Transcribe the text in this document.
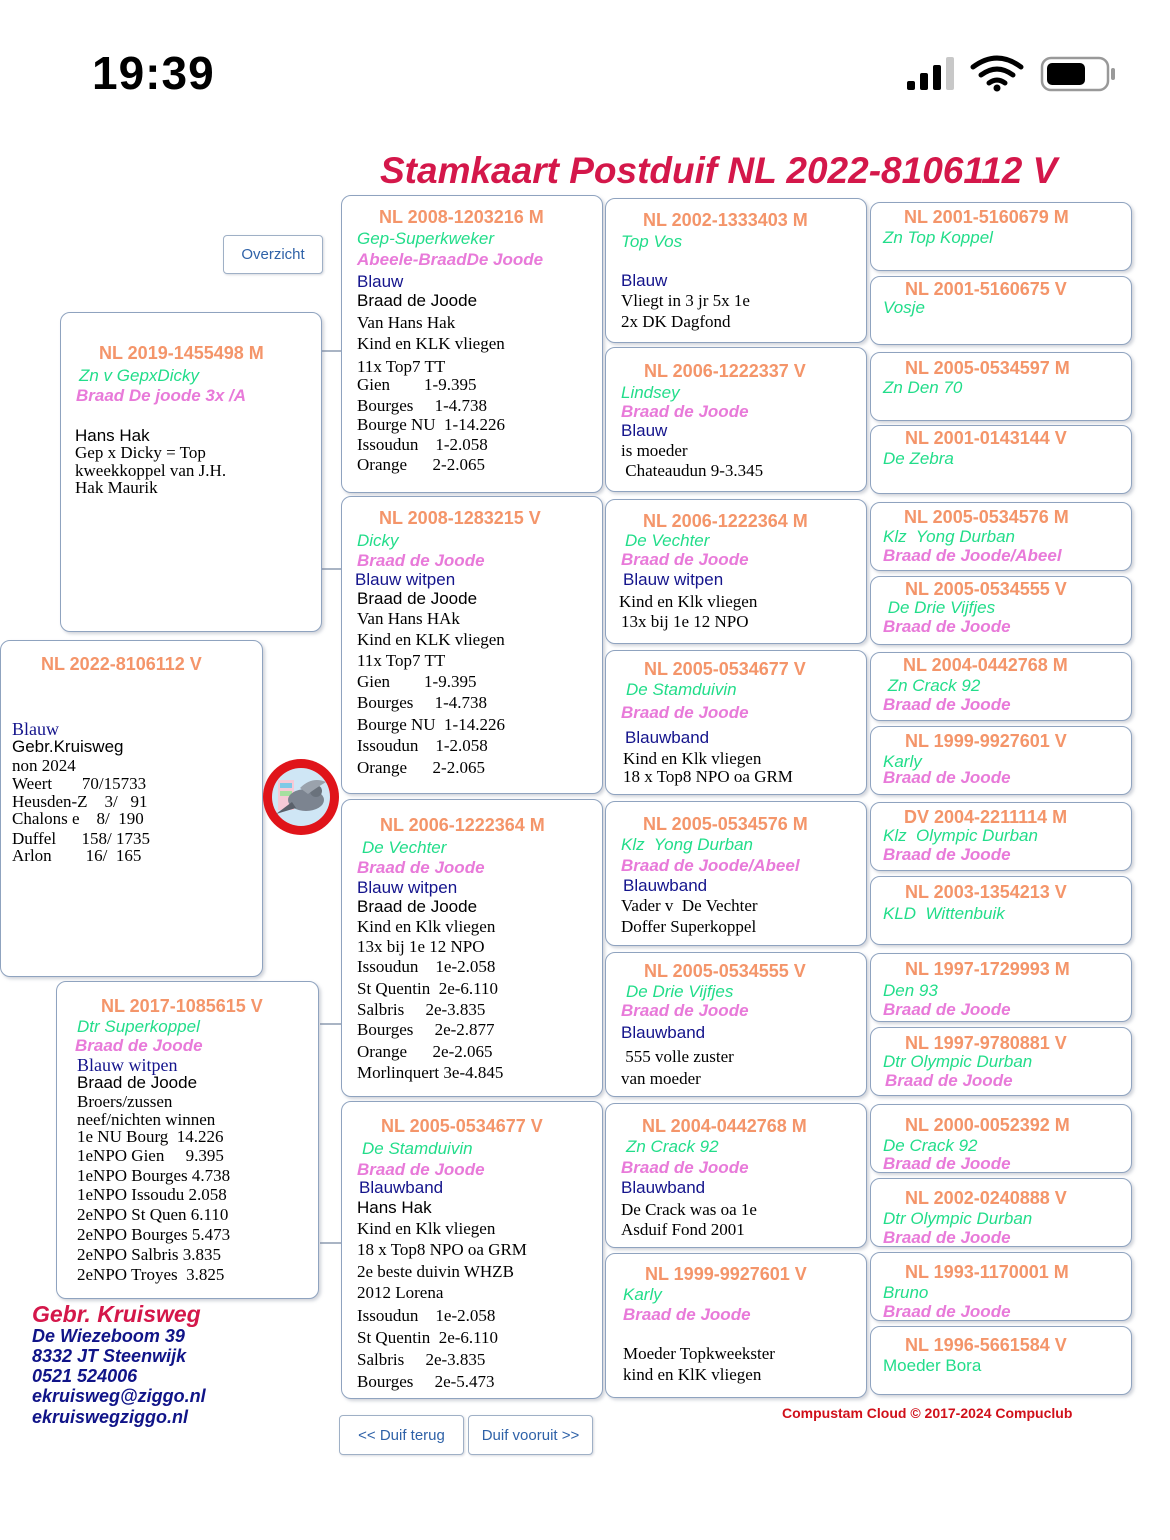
19:39
Stamkaart Postduif NL 2022-8106112 V
Overzicht
NL 2022-8106112 V
Blauw
Gebr.Kruisweg
non 2024
Weert       70/15733
Heusden-Z    3/   91
Chalons e    8/  190
Duffel      158/ 1735
Arlon        16/  165
NL 2019-1455498 M
Zn v GepxDicky
Braad De joode 3x /A
Hans Hak
Gep x Dicky = Top
kweekkoppel van J.H.
Hak Maurik
NL 2017-1085615 V
Dtr Superkoppel
Braad de Joode
Blauw witpen
Braad de Joode
Broers/zussen
neef/nichten winnen
1e NU Bourg  14.226
1eNPO Gien     9.395
1eNPO Bourges 4.738
1eNPO Issoudu 2.058
2eNPO St Quen 6.110
2eNPO Bourges 5.473
2eNPO Salbris 3.835
2eNPO Troyes  3.825
NL 2008-1203216 M
Gep-Superkweker
Abeele-BraadDe Joode
Blauw
Braad de Joode
Van Hans Hak
Kind en KLK vliegen
11x Top7 TT
Gien        1-9.395
Bourges     1-4.738
Bourge NU  1-14.226
Issoudun    1-2.058
Orange      2-2.065
NL 2008-1283215 V
Dicky
Braad de Joode
Blauw witpen
Braad de Joode
Van Hans HAk
Kind en KLK vliegen
11x Top7 TT
Gien        1-9.395
Bourges     1-4.738
Bourge NU  1-14.226
Issoudun    1-2.058
Orange      2-2.065
NL 2006-1222364 M
De Vechter
Braad de Joode
Blauw witpen
Braad de Joode
Kind en Klk vliegen
13x bij 1e 12 NPO
Issoudun    1e-2.058
St Quentin  2e-6.110
Salbris     2e-3.835
Bourges     2e-2.877
Orange      2e-2.065
Morlinquert 3e-4.845
NL 2005-0534677 V
De Stamduivin
Braad de Joode
Blauwband
Hans Hak
Kind en Klk vliegen
18 x Top8 NPO oa GRM
2e beste duivin WHZB
2012 Lorena
Issoudun    1e-2.058
St Quentin  2e-6.110
Salbris     2e-3.835
Bourges     2e-5.473
NL 2002-1333403 M
Top Vos
Blauw
Vliegt in 3 jr 5x 1e
2x DK Dagfond
NL 2006-1222337 V
Lindsey
Braad de Joode
Blauw
is moeder
Chateaudun 9-3.345
NL 2006-1222364 M
De Vechter
Braad de Joode
Blauw witpen
Kind en Klk vliegen
13x bij 1e 12 NPO
NL 2005-0534677 V
De Stamduivin
Braad de Joode
Blauwband
Kind en Klk vliegen
18 x Top8 NPO oa GRM
NL 2005-0534576 M
Klz  Yong Durban
Braad de Joode/Abeel
Blauwband
Vader v  De Vechter
Doffer Superkoppel
NL 2005-0534555 V
De Drie Vijfjes
Braad de Joode
Blauwband
555 volle zuster
van moeder
NL 2004-0442768 M
Zn Crack 92
Braad de Joode
Blauwband
De Crack was oa 1e
Asduif Fond 2001
NL 1999-9927601 V
Karly
Braad de Joode
Moeder Topkweekster
kind en KlK vliegen
NL 2001-5160679 M
Zn Top Koppel
NL 2001-5160675 V
Vosje
NL 2005-0534597 M
Zn Den 70
NL 2001-0143144 V
De Zebra
NL 2005-0534576 M
Klz  Yong Durban
Braad de Joode/Abeel
NL 2005-0534555 V
De Drie Vijfjes
Braad de Joode
NL 2004-0442768 M
Zn Crack 92
Braad de Joode
NL 1999-9927601 V
Karly
Braad de Joode
DV 2004-2211114 M
Klz  Olympic Durban
Braad de Joode
NL 2003-1354213 V
KLD  Wittenbuik
NL 1997-1729993 M
Den 93
Braad de Joode
NL 1997-9780881 V
Dtr Olympic Durban
Braad de Joode
NL 2000-0052392 M
De Crack 92
Braad de Joode
NL 2002-0240888 V
Dtr Olympic Durban
Braad de Joode
NL 1993-1170001 M
Bruno
Braad de Joode
NL 1996-5661584 V
Moeder Bora
Gebr. Kruisweg
De Wiezeboom 39
8332 JT Steenwijk
0521 524006
ekruisweg@ziggo.nl
ekruiswegziggo.nl
<< Duif terug	Duif vooruit >>
Compustam Cloud © 2017-2024 Compuclub
